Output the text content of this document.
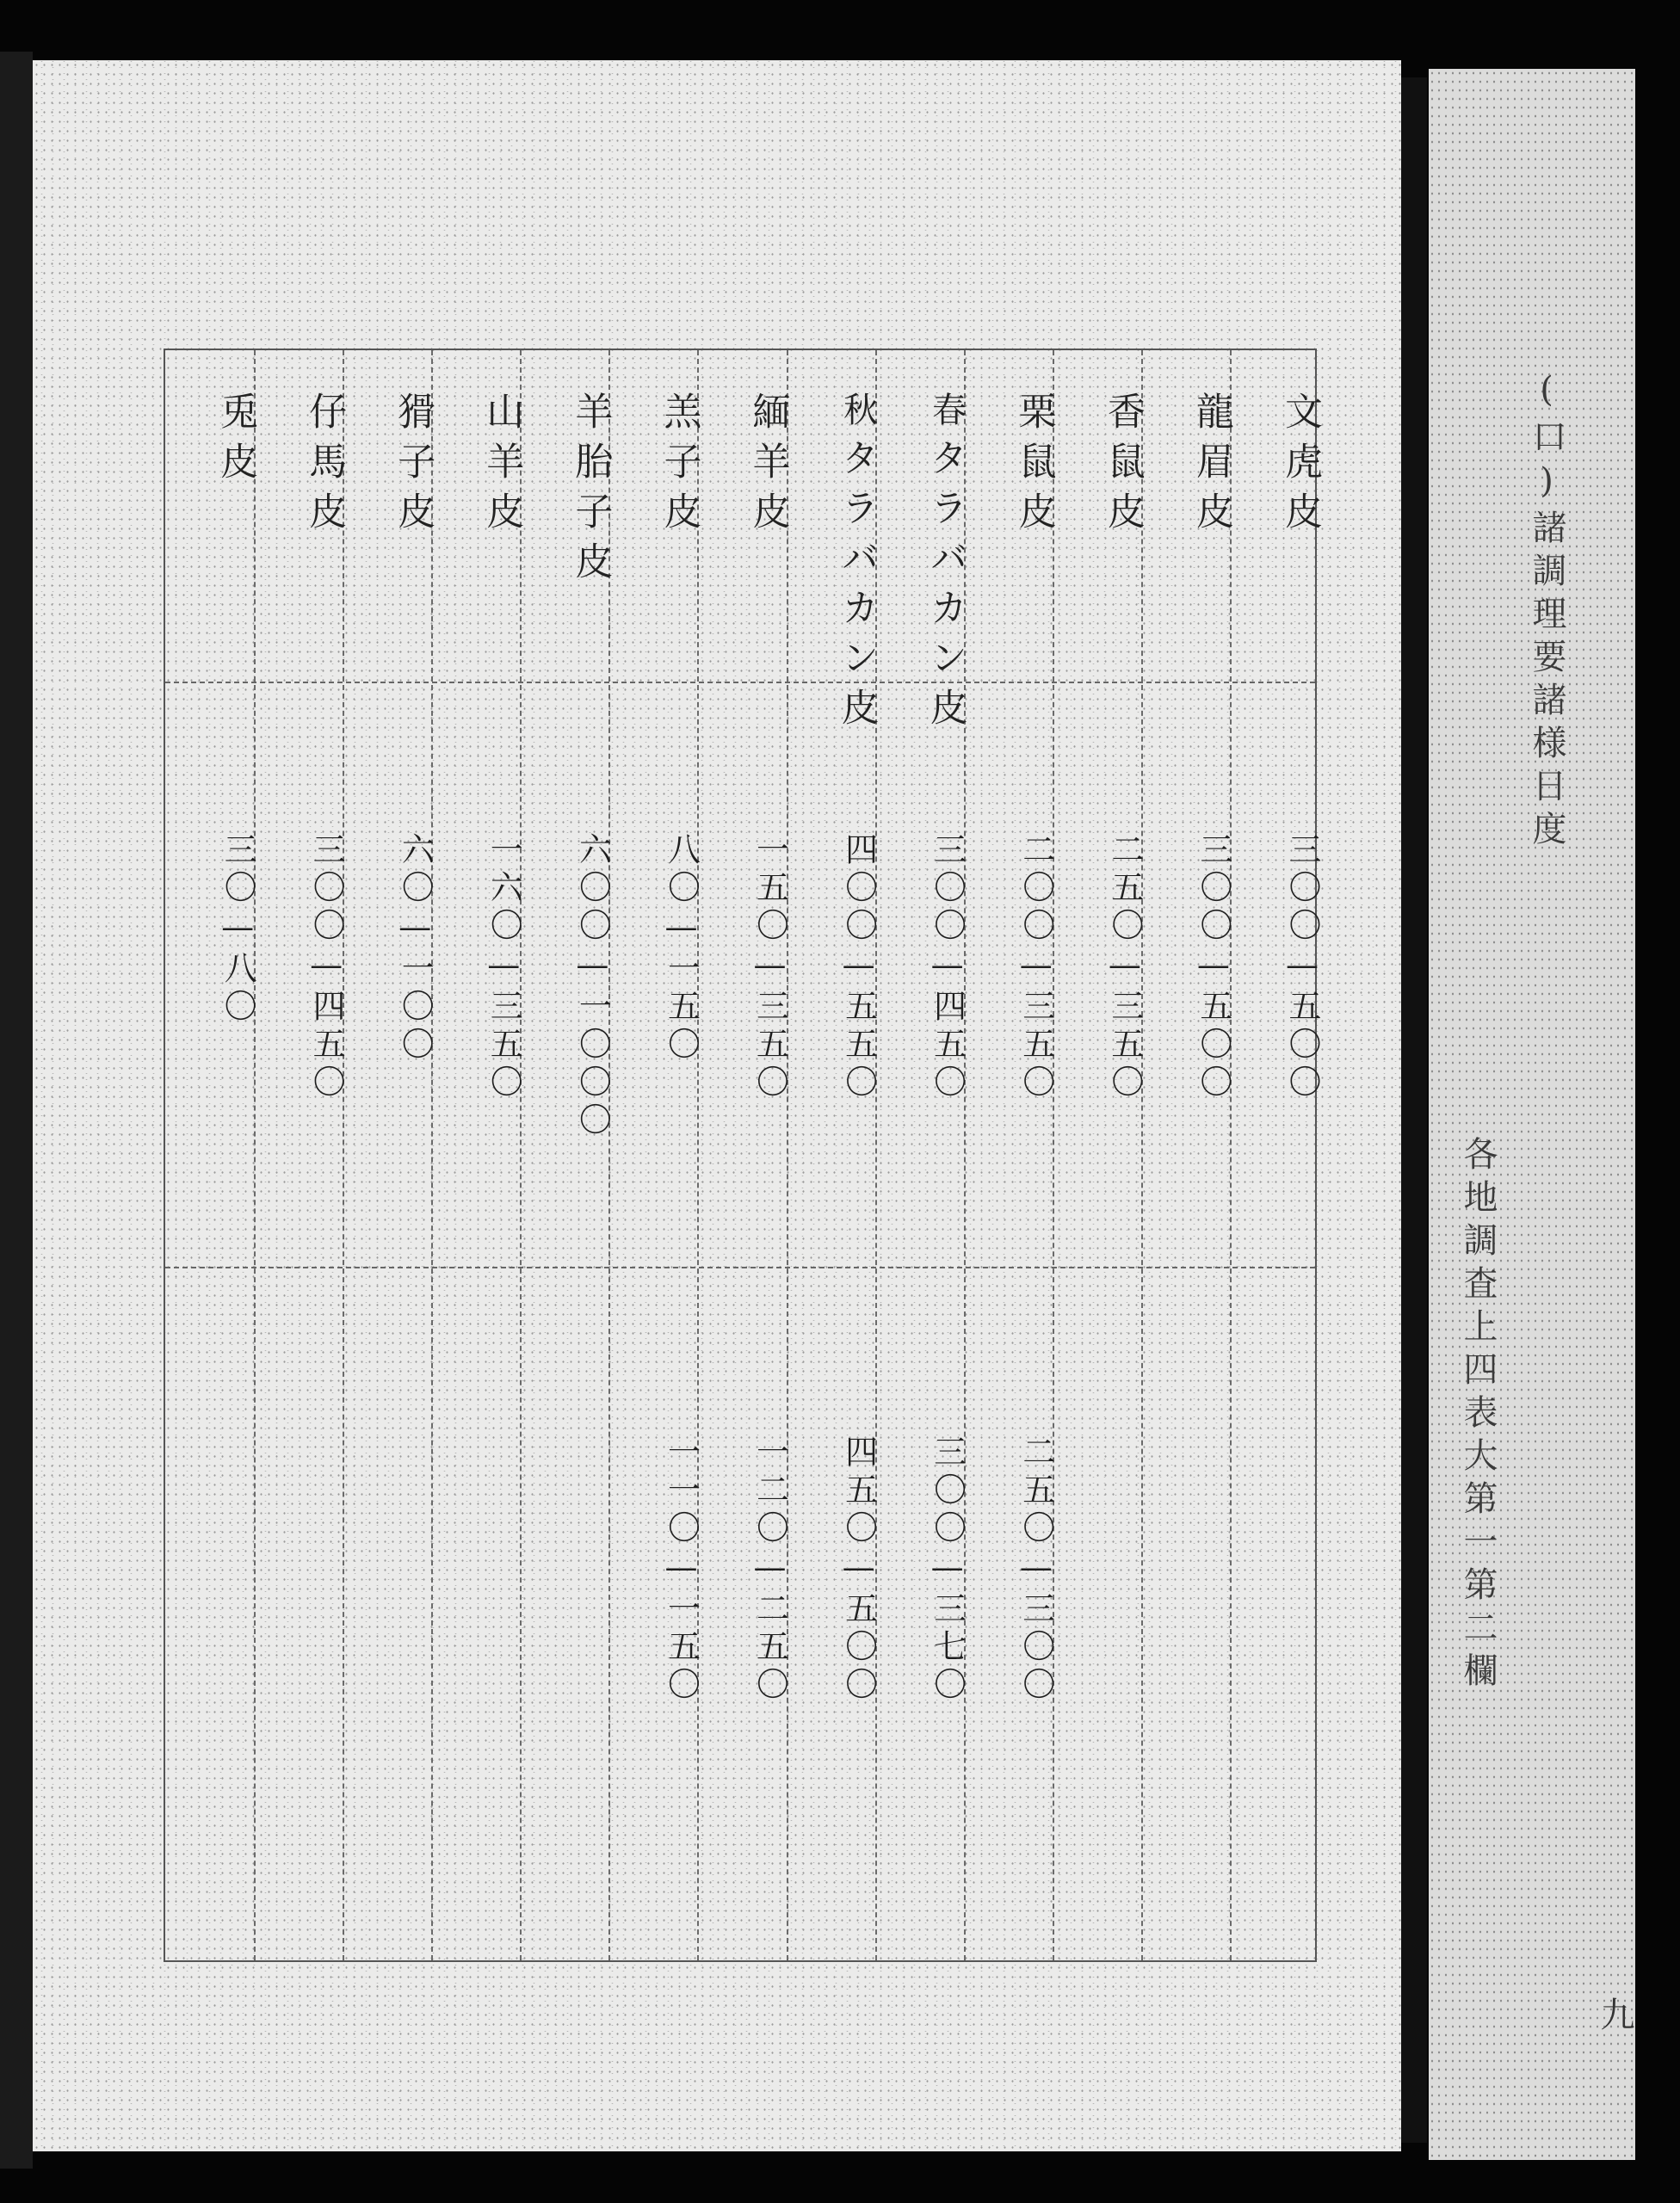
(口)諸調理要諸様日度
各地調査上四表大第一第二欄
九
文虎皮
三〇〇—五〇〇
龍眉皮
三〇〇—五〇〇
香鼠皮
二五〇—三五〇
栗鼠皮
二〇〇—三五〇
二五〇—三〇〇
春
タラバカン皮
三〇〇—四五〇
三〇〇—三七〇
秋
タラバカン皮
四〇〇—五五〇
四五〇—五〇〇
緬羊皮
一五〇—三五〇
一二〇—二五〇
羔子皮
八〇—一五〇
一一〇—一五〇
羊胎子皮
六〇〇—一〇〇〇
山羊皮
一六〇—三五〇
猾子皮
六〇—一〇〇
仔馬皮
三〇〇—四五〇
兎皮
三〇—八〇
